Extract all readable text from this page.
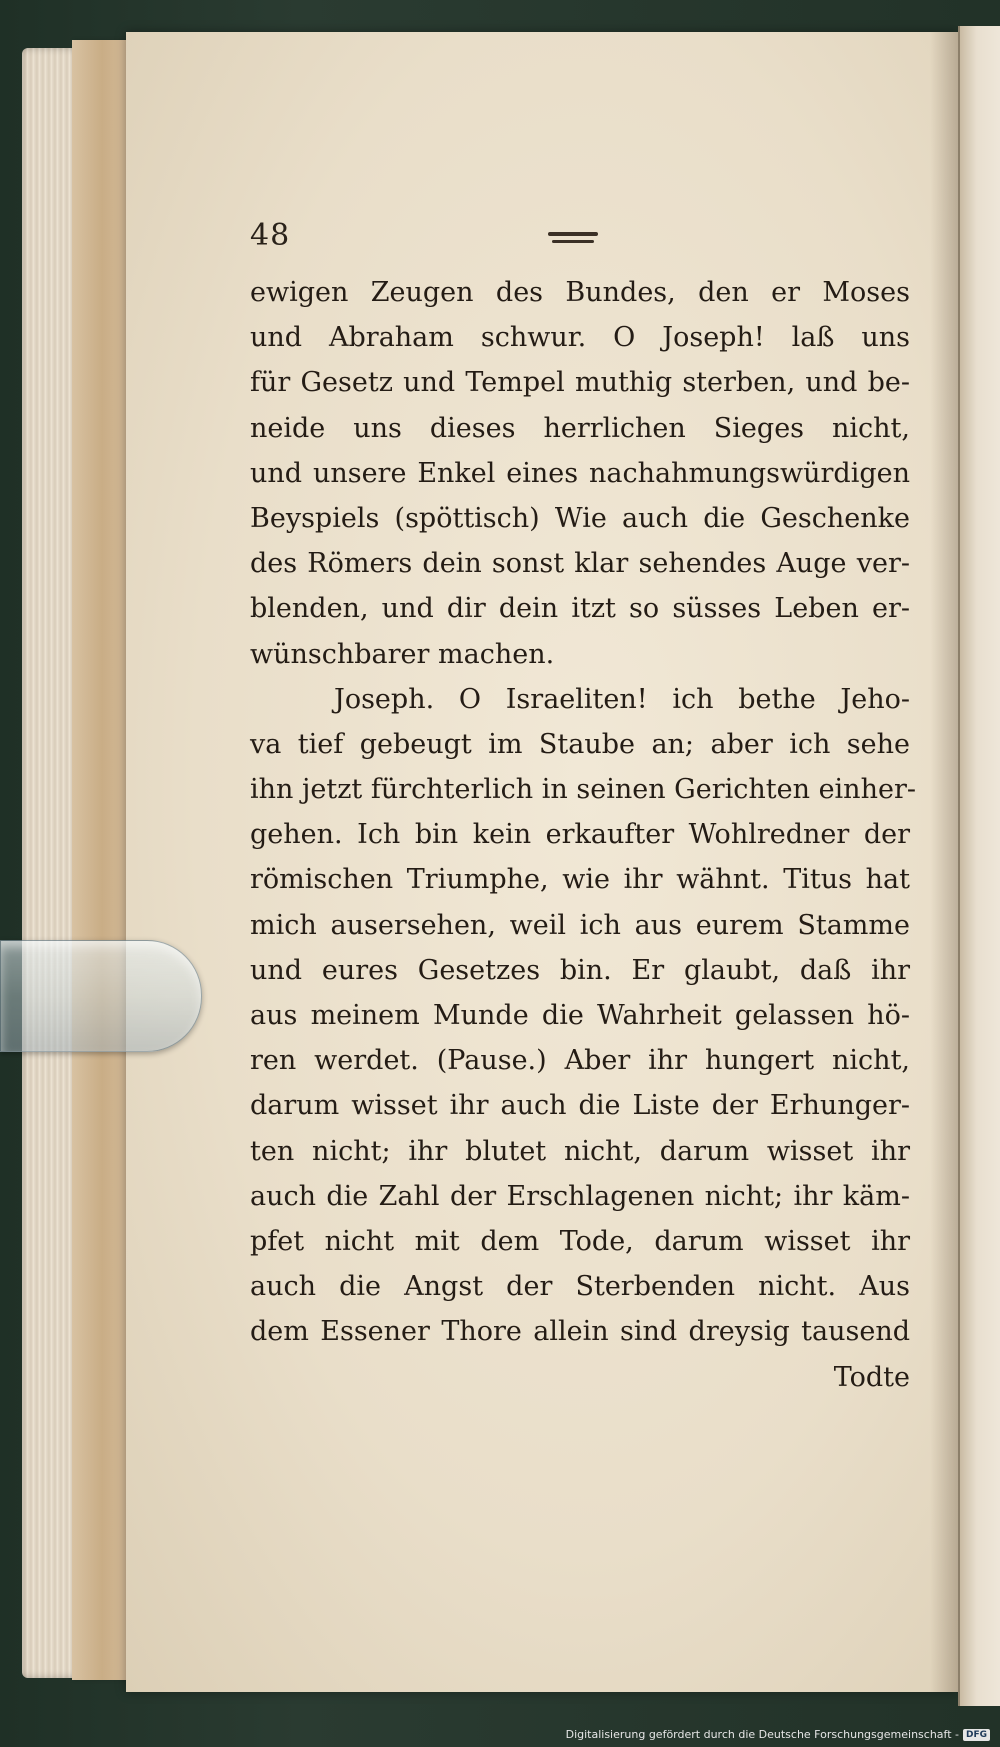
48
ewigen Zeugen des Bundes, den er Moses
und Abraham schwur. O Joseph! laß uns
für Gesetz und Tempel muthig sterben, und be-
neide uns dieses herrlichen Sieges nicht,
und unsere Enkel eines nachahmungswürdigen
Beyspiels (spöttisch) Wie auch die Geschenke
des Römers dein sonst klar sehendes Auge ver-
blenden, und dir dein itzt so süsses Leben er-
wünschbarer machen.
Joseph. O Israeliten! ich bethe Jeho-
va tief gebeugt im Staube an; aber ich sehe
ihn jetzt fürchterlich in seinen Gerichten einher-
gehen. Ich bin kein erkaufter Wohlredner der
römischen Triumphe, wie ihr wähnt. Titus hat
mich ausersehen, weil ich aus eurem Stamme
und eures Gesetzes bin. Er glaubt, daß ihr
aus meinem Munde die Wahrheit gelassen hö-
ren werdet. (Pause.) Aber ihr hungert nicht,
darum wisset ihr auch die Liste der Erhunger-
ten nicht; ihr blutet nicht, darum wisset ihr
auch die Zahl der Erschlagenen nicht; ihr käm-
pfet nicht mit dem Tode, darum wisset ihr
auch die Angst der Sterbenden nicht. Aus
dem Essener Thore allein sind dreysig tausend
Todte
Digitalisierung gefördert durch die Deutsche Forschungsgemeinschaft - DFG
